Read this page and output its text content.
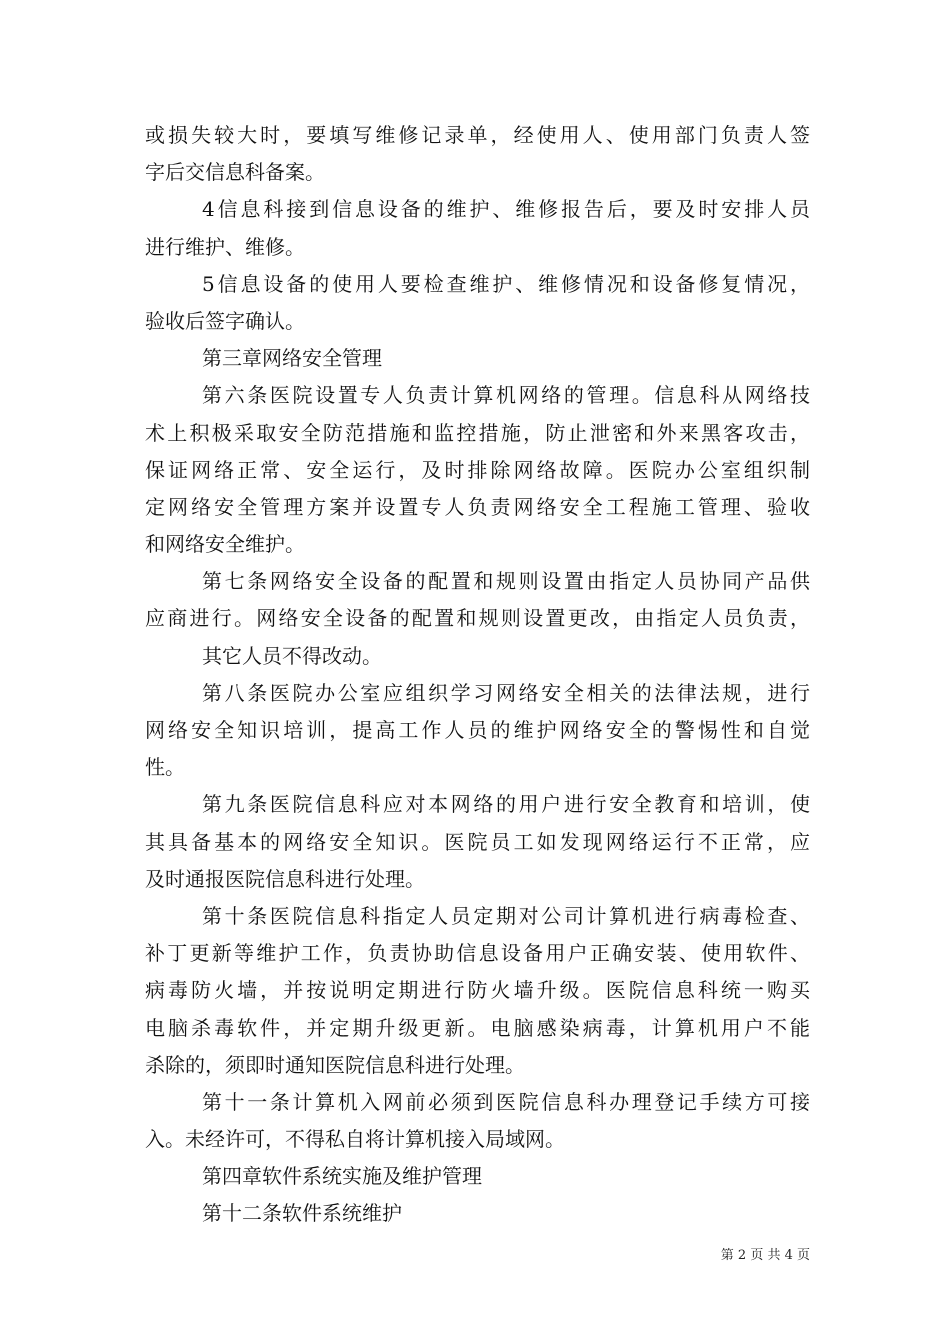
或损失较大时，要填写维修记录单，经使用人、使用部门负责人签
字后交信息科备案。
4信息科接到信息设备的维护、维修报告后，要及时安排人员
进行维护、维修。
5信息设备的使用人要检查维护、维修情况和设备修复情况，
验收后签字确认。
第三章网络安全管理
第六条医院设置专人负责计算机网络的管理。信息科从网络技
术上积极采取安全防范措施和监控措施，防止泄密和外来黑客攻击，
保证网络正常、安全运行，及时排除网络故障。医院办公室组织制
定网络安全管理方案并设置专人负责网络安全工程施工管理、验收
和网络安全维护。
第七条网络安全设备的配置和规则设置由指定人员协同产品供
应商进行。网络安全设备的配置和规则设置更改，由指定人员负责，
其它人员不得改动。
第八条医院办公室应组织学习网络安全相关的法律法规，进行
网络安全知识培训，提高工作人员的维护网络安全的警惕性和自觉
性。
第九条医院信息科应对本网络的用户进行安全教育和培训，使
其具备基本的网络安全知识。医院员工如发现网络运行不正常，应
及时通报医院信息科进行处理。
第十条医院信息科指定人员定期对公司计算机进行病毒检查、
补丁更新等维护工作，负责协助信息设备用户正确安装、使用软件、
病毒防火墙，并按说明定期进行防火墙升级。医院信息科统一购买
电脑杀毒软件，并定期升级更新。电脑感染病毒，计算机用户不能
杀除的，须即时通知医院信息科进行处理。
第十一条计算机入网前必须到医院信息科办理登记手续方可接
入。未经许可，不得私自将计算机接入局域网。
第四章软件系统实施及维护管理
第十二条软件系统维护
第 2 页 共 4 页
